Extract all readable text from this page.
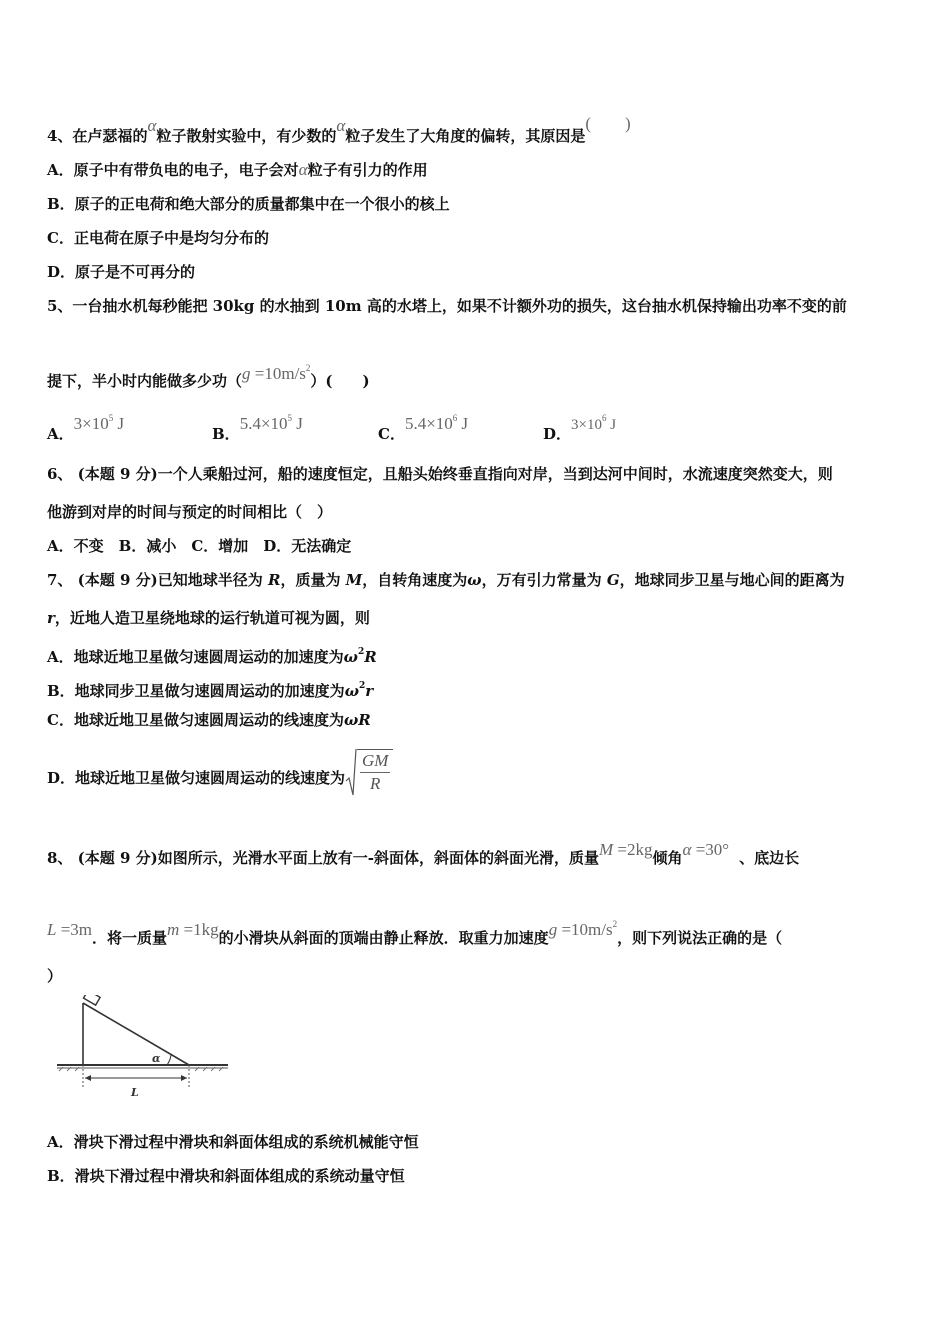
4、在卢瑟福的α粒子散射实验中，有少数的α粒子发生了大角度的偏转，其原因是(　　)
A．原子中有带负电的电子，电子会对α粒子有引力的作用
B．原子的正电荷和绝大部分的质量都集中在一个很小的核上
C．正电荷在原子中是均匀分布的
D．原子是不可再分的
5、一台抽水机每秒能把 30kg 的水抽到 10m 高的水塔上，如果不计额外功的损失，这台抽水机保持输出功率不变的前
提下，半小时内能做多少功$(g =10m/s^2)$(　　)
A．$3\times 10^5$ J
B．$5.4\times 10^5$ J
C．$5.4\times 10^6$ J
D．$3\times 10^6$ J
6、 (本题 9 分)一个人乘船过河，船的速度恒定，且船头始终垂直指向对岸，当到达河中间时，水流速度突然变大，则
他游到对岸的时间与预定的时间相比（　）
A．不变　B．减小　C．增加　D．无法确定
7、 (本题 9 分)已知地球半径为 R，质量为 M，自转角速度为ω，万有引力常量为 G，地球同步卫星与地心间的距离为
r，近地人造卫星绕地球的运行轨道可视为圆，则
A．地球近地卫星做匀速圆周运动的加速度为$\omega^2R$
B．地球同步卫星做匀速圆周运动的加速度为$\omega^2r$
C．地球近地卫星做匀速圆周运动的线速度为ωR
D．地球近地卫星做匀速圆周运动的线速度为 $\frac{GM}{R}$
8、 (本题 9 分)如图所示，光滑水平面上放有一-斜面体，斜面体的斜面光滑，质量M =2kg倾角α =30° 、底边长
L =3m．将一质量m =1kg的小滑块从斜面的顶端由静止释放．取重力加速度$g =10m/s^2$，则下列说法正确的是（
）
α
L
A．滑块下滑过程中滑块和斜面体组成的系统机械能守恒
B．滑块下滑过程中滑块和斜面体组成的系统动量守恒
